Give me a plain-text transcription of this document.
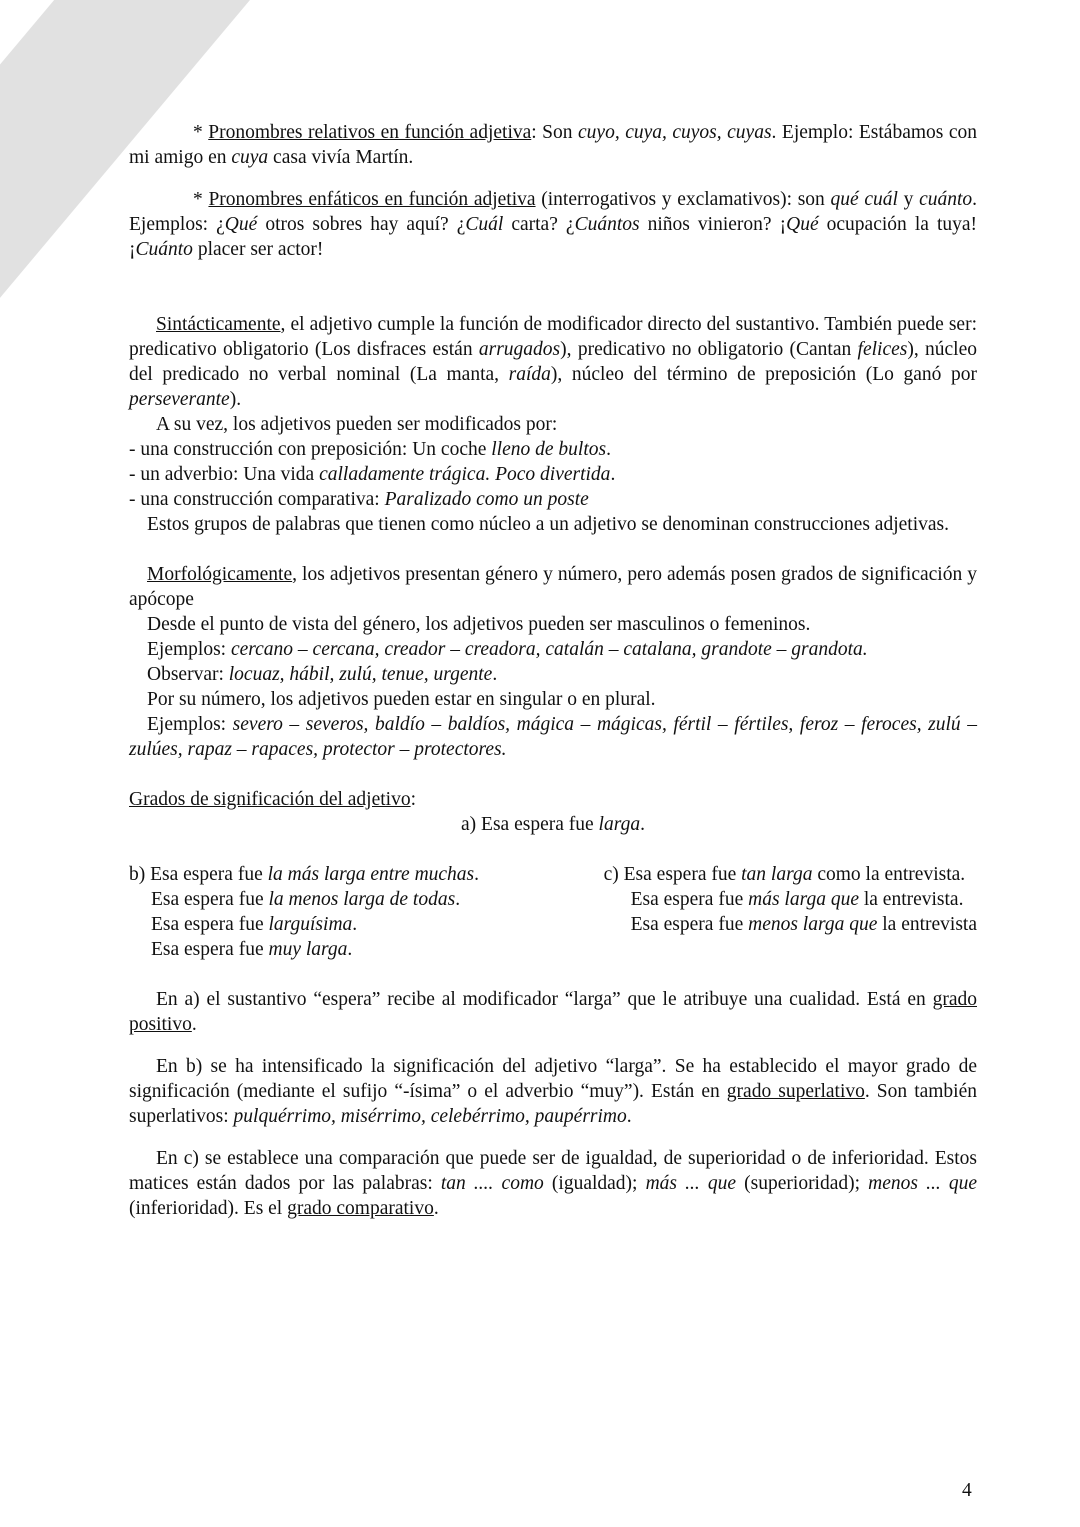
* Pronombres relativos en función adjetiva: Son cuyo, cuya, cuyos, cuyas. Ejemplo: Estábamos con mi amigo en cuya casa vivía Martín.

* Pronombres enfáticos en función adjetiva (interrogativos y exclamativos): son qué cuál y cuánto. Ejemplos: ¿Qué otros sobres hay aquí? ¿Cuál carta? ¿Cuántos niños vinieron? ¡Qué ocupación la tuya! ¡Cuánto placer ser actor!

Sintácticamente, el adjetivo cumple la función de modificador directo del sustantivo. También puede ser: predicativo obligatorio (Los disfraces están arrugados), predicativo no obligatorio (Cantan felices), núcleo del predicado no verbal nominal (La manta, raída), núcleo del término de preposición (Lo ganó por perseverante).

A su vez, los adjetivos pueden ser modificados por:

- una construcción con preposición: Un coche lleno de bultos.
- un adverbio: Una vida calladamente trágica. Poco divertida.
- una construcción comparativa: Paralizado como un poste

Estos grupos de palabras que tienen como núcleo a un adjetivo se denominan construcciones adjetivas.

Morfológicamente, los adjetivos presentan género y número, pero además posen grados de significación y apócope

Desde el punto de vista del género, los adjetivos pueden ser masculinos o femeninos.

Ejemplos: cercano – cercana, creador – creadora, catalán – catalana, grandote – grandota.

Observar: locuaz, hábil, zulú, tenue, urgente.

Por su número, los adjetivos pueden estar en singular o en plural.

Ejemplos: severo – severos, baldío – baldíos, mágica – mágicas, fértil – fértiles, feroz – feroces, zulú – zulúes, rapaz – rapaces, protector – protectores.

Grados de significación del adjetivo:

a) Esa espera fue larga.

b) Esa espera fue la más larga entre muchas.
Esa espera fue la menos larga de todas.
Esa espera fue larguísima.
Esa espera fue muy larga.
c) Esa espera fue tan larga como la entrevista.
Esa espera fue más larga que la entrevista.
Esa espera fue menos larga que la entrevista

En a) el sustantivo “espera” recibe al modificador “larga” que le atribuye una cualidad. Está en grado positivo.

En b) se ha intensificado la significación del adjetivo “larga”. Se ha establecido el mayor grado de significación (mediante el sufijo “-ísima” o el adverbio “muy”). Están en grado superlativo. Son también superlativos: pulquérrimo, misérrimo, celebérrimo, paupérrimo.

En c) se establece una comparación que puede ser de igualdad, de superioridad o de inferioridad. Estos matices están dados por las palabras: tan .... como (igualdad); más ... que (superioridad); menos ... que (inferioridad). Es el grado comparativo.

4
